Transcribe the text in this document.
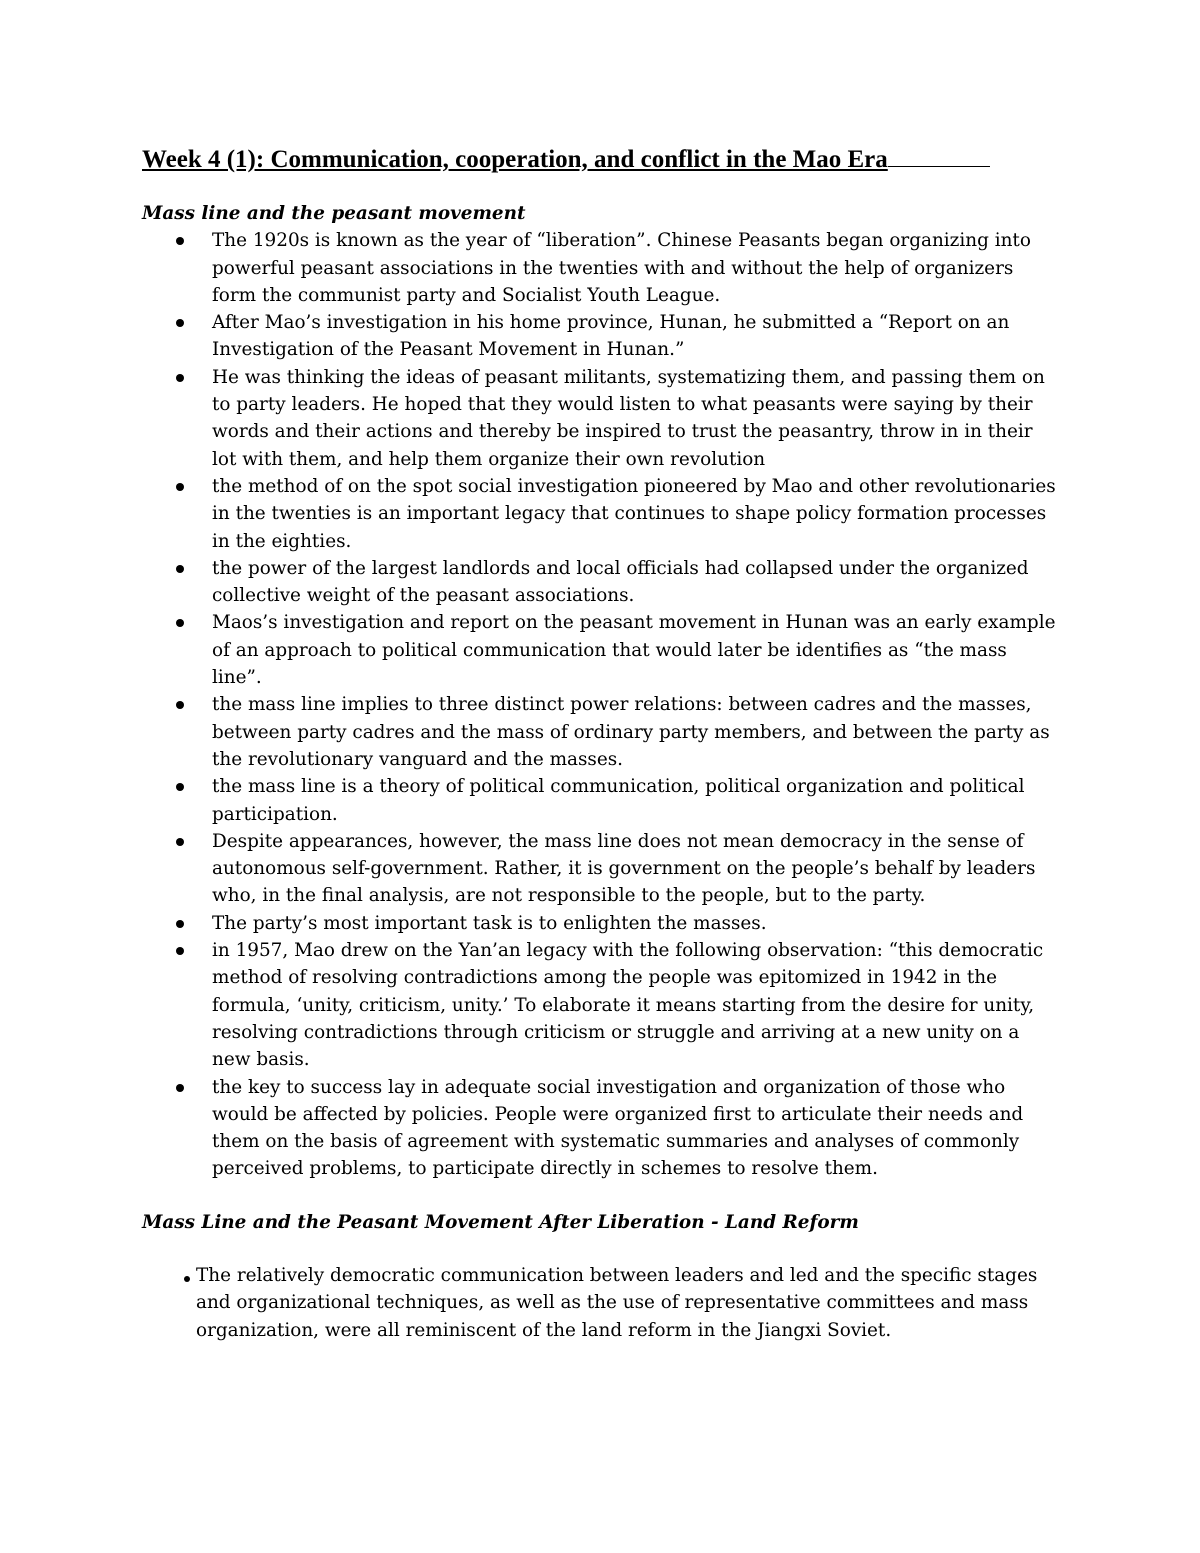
Week 4 (1): Communication, cooperation, and conflict in the Mao Era
Mass line and the peasant movement
The 1920s is known as the year of “liberation”. Chinese Peasants began organizing into powerful peasant associations in the twenties with and without the help of organizers form the communist party and Socialist Youth League.
After Mao’s investigation in his home province, Hunan, he submitted a “Report on an Investigation of the Peasant Movement in Hunan.”
He was thinking the ideas of peasant militants, systematizing them, and passing them on to party leaders. He hoped that they would listen to what peasants were saying by their words and their actions and thereby be inspired to trust the peasantry, throw in in their lot with them, and help them organize their own revolution
the method of on the spot social investigation pioneered by Mao and other revolutionaries in the twenties is an important legacy that continues to shape policy formation processes in the eighties.
the power of the largest landlords and local officials had collapsed under the organized collective weight of the peasant associations.
Maos’s investigation and report on the peasant movement in Hunan was an early example of an approach to political communication that would later be identifies as “the mass line”.
the mass line implies to three distinct power relations: between cadres and the masses, between party cadres and the mass of ordinary party members, and between the party as the revolutionary vanguard and the masses.
the mass line is a theory of political communication, political organization and political participation.
Despite appearances, however, the mass line does not mean democracy in the sense of autonomous self-government. Rather, it is government on the people’s behalf by leaders who, in the final analysis, are not responsible to the people, but to the party.
The party’s most important task is to enlighten the masses.
in 1957, Mao drew on the Yan’an legacy with the following observation: “this democratic method of resolving contradictions among the people was epitomized in 1942 in the formula, ‘unity, criticism, unity.’ To elaborate it means starting from the desire for unity, resolving contradictions through criticism or struggle and arriving at a new unity on a new basis.
the key to success lay in adequate social investigation and organization of those who would be affected by policies. People were organized first to articulate their needs and them on the basis of agreement with systematic summaries and analyses of commonly perceived problems, to participate directly in schemes to resolve them.
Mass Line and the Peasant Movement After Liberation - Land Reform
The relatively democratic communication between leaders and led and the specific stages and organizational techniques, as well as the use of representative committees and mass organization, were all reminiscent of the land reform in the Jiangxi Soviet.
